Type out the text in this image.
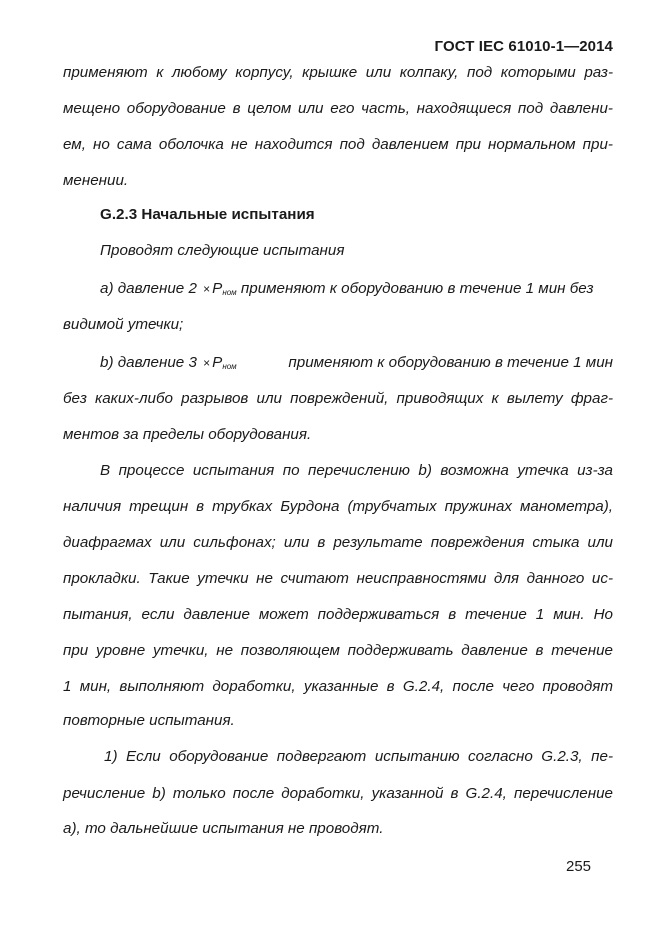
ГОСТ IEC 61010-1—2014
применяют к любому корпусу, крышке или колпаку, под которыми раз-
мещено оборудование в целом или его часть, находящиеся под давлени-
ем, но сама оболочка не находится под давлением при нормальном при-
менении.
G.2.3 Начальные испытания
Проводят следующие испытания
a) давление $2 \times P_{ном}$ применяют к оборудованию в течение 1 мин без
видимой утечки;
b) давление $3 \times P_{ном}$	применяют к оборудованию в течение 1 мин
без каких-либо разрывов или повреждений, приводящих к вылету фраг-
ментов за пределы оборудования.
В процессе испытания по перечислению b) возможна утечка из-за
наличия трещин в трубках Бурдона (трубчатых пружинах манометра),
диафрагмах или сильфонах; или в результате повреждения стыка или
прокладки. Такие утечки не считают неисправностями для данного ис-
пытания, если давление может поддерживаться в течение 1 мин. Но
при уровне утечки, не позволяющем поддерживать давление в течение
1 мин, выполняют доработки, указанные в G.2.4, после чего проводят
повторные испытания.
1) Если оборудование подвергают испытанию согласно G.2.3, пе-
речисление b) только после доработки, указанной в G.2.4, перечисление
а), то дальнейшие испытания не проводят.
255
